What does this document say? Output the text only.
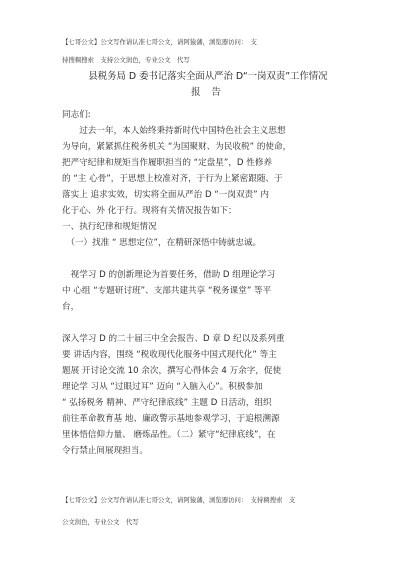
【七哥公文】公文写作请认准七哥公文，请阿猿藩，浏览器访问：　支
持搜稠搜索　支持公文润色，专业公文　代写
县税务局 D 委书记落实全面从严治 D“一岗双责”工作情况
报 告

同志们:

　　过去一年，本人始终秉持新时代中国特色社会主义思想

为导向，紧紧抓住税务机关 “为国聚财、为民收税” 的使命，

把严守纪律和规矩当作履职担当的 “定盘星”，D 性修养

的 “主 心骨”，于思想上校准对齐，于行为上紧密跟随、于

落实上 追求实效，切实将全面从严治 D “一岗双责” 内

化于心、外 化于行。现将有关情况报告如下：

一、执行纪律和规矩情况

　（一）找准 “ 思想定位”，在精研深悟中铸就忠诚。

　视学习 D 的创新理论为首要任务，借助 D 组理论学习

中 心组 “专题研讨班”、支部共建共享 “税务课堂” 等平

台，

深入学习 D 的二十届三中全会报告、D 章 D 纪以及系列重

要 讲话内容，围绕 “税收现代化服务中国式现代化” 等主

题展 开讨论交流 10 余次，撰写心得体会 4 万余字，促使

理论学 习从 “过眼过耳” 迈向 “入脑入心”。积极参加

“ 弘扬税务 精神、严守纪律底线” 主题 D 日活动，组织

前往革命教育基 地、廉政警示基地参观学习，于追根溯源

里体悟信仰力量、 磨炼品性。（二）紧守“纪律底线”，在

令行禁止间展现担当。

【七哥公文】公文写作请认准七哥公文，请阿猿藩，浏览器访问：　支持稠搜索　支
公文润色，专业公文　代写
